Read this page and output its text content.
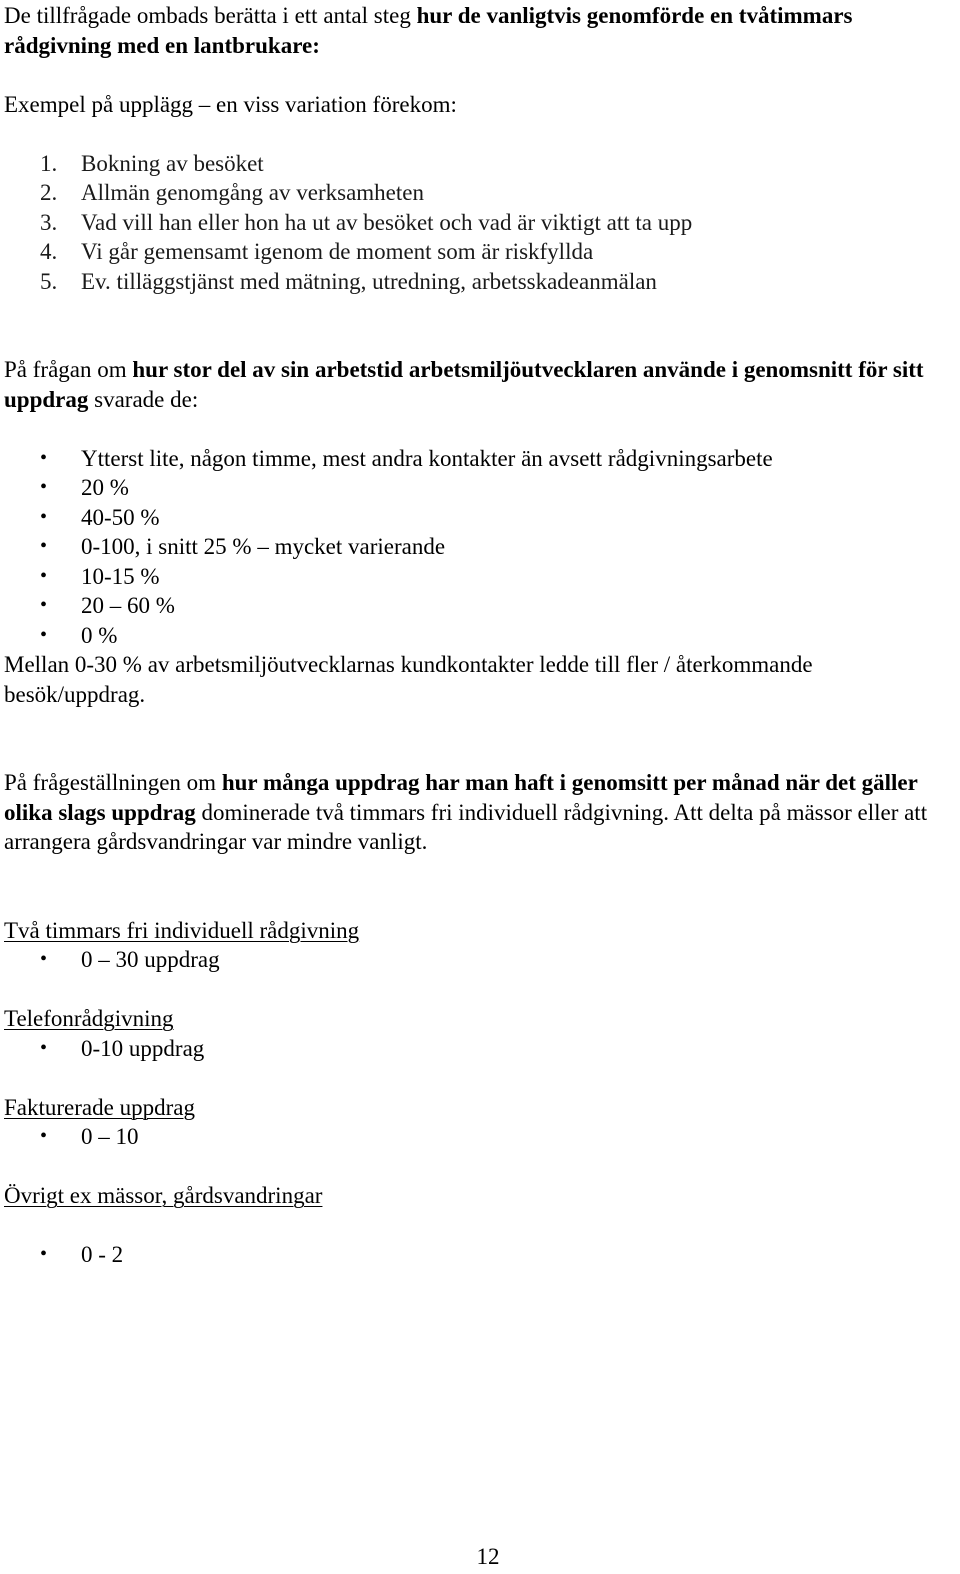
De tillfrågade ombads berätta i ett antal steg hur de vanligtvis genomförde en tvåtimmars rådgivning med en lantbrukare:

Exempel på upplägg – en viss variation förekom:

1. Bokning av besöket
2. Allmän genomgång av verksamheten
3. Vad vill han eller hon ha ut av besöket och vad är viktigt att ta upp
4. Vi går gemensamt igenom de moment som är riskfyllda
5. Ev. tilläggstjänst med mätning, utredning, arbetsskadeanmälan

På frågan om hur stor del av sin arbetstid arbetsmiljöutvecklaren använde i genomsnitt för sitt uppdrag svarade de:

• Ytterst lite, någon timme, mest andra kontakter än avsett rådgivningsarbete
• 20 %
• 40-50 %
• 0-100, i snitt 25 % – mycket varierande
• 10-15 %
• 20 – 60 %
• 0 %

Mellan 0-30 % av arbetsmiljöutvecklarnas kundkontakter ledde till fler / återkommande besök/uppdrag.

På frågeställningen om hur många uppdrag har man haft i genomsitt per månad när det gäller olika slags uppdrag dominerade två timmars fri individuell rådgivning. Att delta på mässor eller att arrangera gårdsvandringar var mindre vanligt.

Två timmars fri individuell rådgivning

• 0 – 30 uppdrag

Telefonrådgivning

• 0-10 uppdrag

Fakturerade uppdrag

• 0 – 10

Övrigt ex mässor, gårdsvandringar

• 0 - 2
12
